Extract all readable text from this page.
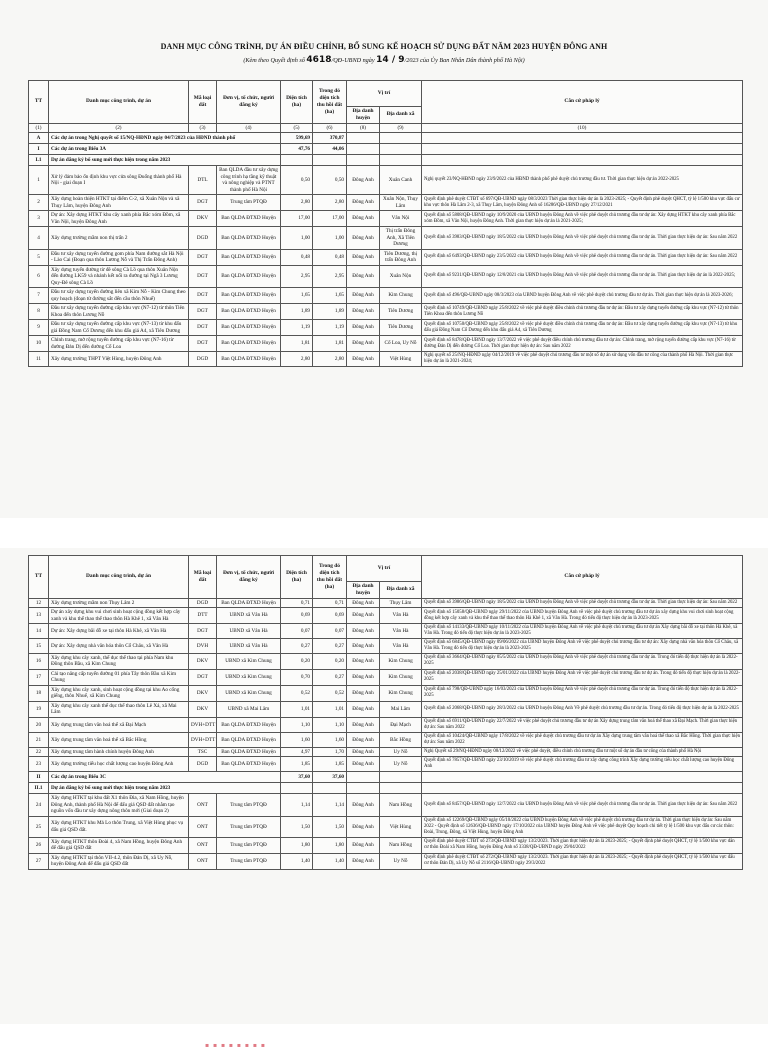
DANH MỤC CÔNG TRÌNH, DỰ ÁN ĐIỀU CHỈNH, BỔ SUNG KẾ HOẠCH SỬ DỤNG ĐẤT NĂM 2023 HUYỆN ĐÔNG ANH
(Kèm theo Quyết định số 4618/QĐ-UBND ngày 14 / 9/2023 của Ủy Ban Nhân Dân thành phố Hà Nội)
TT	Danh mục công trình, dự án	Mã loại đất	Đơn vị, tổ chức, người đăng ký	Diện tích (ha)	Trong đó diện tích thu hồi đất (ha)	Vị trí		Căn cứ pháp lý
						Địa danh huyện	Địa danh xã	
(1)	(2)	(3)	(4)	(5)	(6)	(8)	(9)	(10)
A	Các dự án trong Nghị quyết số 15/NQ-HĐND ngày 04/7/2023 của HĐND thành phố			599,69	370,87			
I	Các dự án trong Biểu 3A			47,76	44,06			
I.1	Dự án đăng ký bổ sung mới thực hiện trong năm 2023							
1	Xử lý đảm bảo ổn định khu vực cửa sông Đuống thành phố Hà Nội - giai đoạn I	DTL	Ban QLDA đầu tư xây dựng công trình hạ tầng kỹ thuật và nông nghiệp và PTNT thành phố Hà Nội	0,50	0,50	Đông Anh	Xuân Canh	Nghị quyết 23/NQ-HĐND ngày 23/9/2022 của HĐND thành phố phê duyệt chủ trương đầu tư. Thời gian thực hiện dự án 2022-2025
2	Xây dựng hoàn thiện HTKT tại điểm C-2, xã Xuân Nộn và xã Thụy Lâm, huyện Đông Anh	DGT	Trung tâm PTQĐ	2,80	2,80	Đông Anh	Xuân Nộn, Thụy Lâm	Quyết định phê duyệt CTĐT số 697/QĐ-UBND ngày 08/3/2023 Thời gian thực hiện dự án là 2023-2025; - Quyết định phê duyệt QHCT, tỷ lệ 1/500 khu vực đấu cư khu vực thôn Hà Lâm 2-3, xã Thụy Lâm, huyện Đông Anh số 16286/QĐ-UBND ngày 27/12/2021
3	Dự án: Xây dựng HTKT khu cây xanh phía Bắc xóm Đồm, xã Vân Nội, huyện Đông Anh	DKV	Ban QLDA ĐTXD Huyện	17,00	17,00	Đông Anh	Vân Nội	Quyết định số 5808/QĐ-UBND ngày 10/9/2020 của UBND huyện Đông Anh về việc phê duyệt chủ trương đầu tư dự án: Xây dựng HTKT khu cây xanh phía Bắc xóm Đồm, xã Vân Nội, huyện Đông Anh. Thời gian thực hiện dự án là 2021-2025;
4	Xây dựng trường mầm non thị trấn 2	DGD	Ban QLDA ĐTXD Huyện	1,00	1,00	Đông Anh	Thị trấn Đông Anh, Xã Tiên Dương	Quyết định số 3983/QĐ-UBND ngày 18/5/2022 của UBND huyện Đông Anh về việc phê duyệt chủ trương đầu tư dự án. Thời gian thực hiện dự án: Sau năm 2022
5	Đầu tư xây dựng tuyến đường gom phía Nam đường sắt Hà Nội - Lào Cai (Đoạn qua thôn Lương Nỗ và Thị Trấn Đông Anh)	DGT	Ban QLDA ĐTXD Huyện	0,48	0,48	Đông Anh	Tiên Dương, thị trấn Đông Anh	Quyết định số 6493/QĐ-UBND ngày 23/5/2022 của UBND huyện Đông Anh về việc phê duyệt chủ trương đầu tư dự án. Thời gian thực hiện dự án: Sau năm 2022
6	Xây dựng tuyến đường từ đê sông Cà Lồ qua thôn Xuân Nộn đến đường LK59 và nhánh kết nối ra đường tại Ngã 3 Lương Quy-Đê sông Cà Lồ	DGT	Ban QLDA ĐTXD Huyện	2,95	2,95	Đông Anh	Xuân Nộn	Quyết định số 9231/QĐ-UBND ngày 12/8/2021 của UBND huyện Đông Anh về việc phê duyệt chủ trương đầu tư dự án. Thời gian thực hiện dự án là 2022-2025;
7	Đầu tư xây dựng tuyến đường liên xã Kim Nỗ - Kim Chung theo quy hoạch (đoạn từ đường sắt đến cầu thôn Nhuế)	DGT	Ban QLDA ĐTXD Huyện	1,65	1,65	Đông Anh	Kim Chung	Quyết định số 496/QĐ-UBND ngày 08/3/2023 của UBND huyện Đông Anh về việc phê duyệt chủ trương đầu tư dự án. Thời gian thực hiện dự án là 2023-2026;
8	Đầu tư xây dựng tuyến đường cấp khu vực (N7-12) từ thôn Tiên Khoa đến thôn Lương Nỗ	DGT	Ban QLDA ĐTXD Huyện	1,89	1,89	Đông Anh	Tiên Dương	Quyết định số 10749/QĐ-UBND ngày 25/8/2022 về việc phê duyệt điều chỉnh chủ trương đầu tư dự án: Đầu tư xây dựng tuyến đường cấp khu vực (N7-12) từ thôn Tiên Khoa đến thôn Lương Nỗ
9	Đầu tư xây dựng tuyến đường cấp khu vực (N7-13) từ khu đấu giá Đồng Nam Cổ Dương đến khu đấu giá A4, xã Tiên Dương	DGT	Ban QLDA ĐTXD Huyện	1,19	1,19	Đông Anh	Tiên Dương	Quyết định số 10750/QĐ-UBND ngày 25/8/2022 về việc phê duyệt điều chỉnh chủ trương đầu tư dự án: Đầu tư xây dựng tuyến đường cấp khu vực (N7-13) từ khu đấu giá Đồng Nam Cổ Dương đến khu đấu giá A4, xã Tiên Dương
10	Chỉnh trang, mở rộng tuyến đường cấp khu vực (N7-16) từ đường Đản Dị đến đường Cổ Loa	DGT	Ban QLDA ĐTXD Huyện	1,81	1,81	Đông Anh	Cổ Loa, Uy Nỗ	Quyết định số 8478/QĐ-UBND ngày 13/7/2022 về việc phê duyệt điều chỉnh chủ trương đầu tư dự án: Chỉnh trang, mở rộng tuyến đường cấp khu vực (N7-16) từ đường Đản Dị đến đường Cổ Loa. Thời gian thực hiện dự án: Sau năm 2022
11	Xây dựng trường THPT Việt Hùng, huyện Đông Anh	DGD	Ban QLDA ĐTXD Huyện	2,80	2,80	Đông Anh	Việt Hùng	Nghị quyết số 25/NQ-HĐND ngày 04/12/2019 về việc phê duyệt chủ trương đầu tư một số dự án sử dụng vốn đầu tư công của thành phố Hà Nội. Thời gian thực hiện dự án là 2021-2024;
▪ ▪ ▪ ▪ ▪ ▪ ▪ ▪
TT	Danh mục công trình, dự án	Mã loại đất	Đơn vị, tổ chức, người đăng ký	Diện tích (ha)	Trong đó diện tích thu hồi đất (ha)	Vị trí		Căn cứ pháp lý
						Địa danh huyện	Địa danh xã	
12	Xây dựng trường mầm non Thụy Lâm 2	DGD	Ban QLDA ĐTXD Huyện	0,71	0,71	Đông Anh	Thụy Lâm	Quyết định số 3986/QĐ-UBND ngày 18/5/2022 của UBND huyện Đông Anh về việc phê duyệt chủ trương đầu tư dự án. Thời gian thực hiện dự án: Sau năm 2022
13	Dự án xây dựng khu vui chơi sinh hoạt cộng đồng kết hợp cây xanh và khu thể thao thể thao thôn Hà Khê 1, xã Vân Hà	DTT	UBND xã Vân Hà	0,69	0,69	Đông Anh	Vân Hà	Quyết định số 15058/QĐ-UBND ngày 29/11/2022 của UBND huyện Đông Anh về việc phê duyệt chủ trương đầu tư dự án xây dựng khu vui chơi sinh hoạt cộng đồng kết hợp cây xanh và khu thể thao thể thao thôn Hà Khê 1, xã Vân Hà. Trong đó tiến độ thực hiện dự án là 2023-2025
14	Dự án: Xây dựng bãi đỗ xe tại thôn Hà Khê, xã Vân Hà	DGT	UBND xã Vân Hà	0,07	0,07	Đông Anh	Vân Hà	Quyết định số 14133/QĐ-UBND ngày 10/11/2022 của UBND huyện Đông Anh về việc phê duyệt chủ trương đầu tư dự án Xây dựng bãi đỗ xe tại thôn Hà Khê, xã Vân Hà. Trong đó tiến độ thực hiện dự án là 2023-2025
15	Dự án: Xây dựng nhà văn hóa thôn Cổ Châu, xã Vân Hà	DVH	UBND xã Vân Hà	0,27	0,27	Đông Anh	Vân Hà	Quyết định số 6845/QĐ-UBND ngày 09/06/2022 của UBND huyện Đông Anh về việc phê duyệt chủ trương đầu tư dự án: Xây dựng nhà văn hóa thôn Cổ Châu, xã Vân Hà. Trong đó tiến độ thực hiện dự án là 2023-2025
16	Xây dựng khu cây xanh, thể dục thể thao tại phía Nam khu Đồng thôn Bầu, xã Kim Chung	DKV	UBND xã Kim Chung	0,20	0,20	Đông Anh	Kim Chung	Quyết định số 3664/QĐ-UBND ngày 05/5/2022 của UBND huyện Đông Anh về việc phê duyệt chủ trương đầu tư dự án. Trong đó tiến độ thực hiện dự án là 2022-2025
17	Cải tạo nâng cấp tuyến đường 01 phía Tây thôn Bầu xã Kim Chung	DGT	UBND xã Kim Chung	0,70	0,27	Đông Anh	Kim Chung	Quyết định số 2038/QĐ-UBND ngày 25/01/2022 của UBND huyện Đông Anh về việc phê duyệt chủ trương đầu tư dự án. Trong đó tiến độ thực hiện dự án là 2022-2025
18	Xây dựng khu cây xanh, sinh hoạt cộng đồng tại khu Ao cống giếng, thôn Nhuế, xã Kim Chung	DKV	UBND xã Kim Chung	0,52	0,52	Đông Anh	Kim Chung	Quyết định số 798/QĐ-UBND ngày 16/03/2023 của UBND huyện Đông Anh về việc phê duyệt chủ trương đầu tư dự án. Trong đó tiến độ thực hiện dự án là 2022-2025
19	Xây dựng khu cây xanh thể dục thể thao thôn Lê Xá, xã Mai Lâm	DKV	UBND xã Mai Lâm	1,01	1,01	Đông Anh	Mai Lâm	Quyết định số 2068/QĐ-UBND ngày 28/3/2022 của UBND huyện Đông Anh Về phê duyệt chủ trương đầu tư dự án. Trong đó tiến độ thực hiện dự án là 2022-2025
20	Xây dựng trung tâm văn hoá thể xã Đại Mạch	DVH+DTT	Ban QLDA ĐTXD Huyện	1,10	1,10	Đông Anh	Đại Mạch	Quyết định số 6911/QĐ-UBND ngày 22/7/2022 về việc phê duyệt chủ trương đầu tư dự án Xây dựng trung tâm văn hoá thể thao xã Đại Mạch. Thời gian thực hiện dự án: Sau năm 2022
21	Xây dựng trung tâm văn hoá thể xã Bắc Hồng	DVH+DTT	Ban QLDA ĐTXD Huyện	1,60	1,60	Đông Anh	Bắc Hồng	Quyết định số 10424/QĐ-UBND ngày 17/8/2022 về việc phê duyệt chủ trương đầu tư dự án Xây dựng trung tâm văn hoá thể thao xã Bắc Hồng. Thời gian thực hiện dự án: Sau năm 2022
22	Xây dựng trung tâm hành chính huyện Đông Anh	TSC	Ban QLDA ĐTXD Huyện	4,97	1,70	Đông Anh	Uy Nỗ	Nghị Quyết số 29/NQ-HĐND ngày 08/12/2022 về việc phê duyệt, điều chỉnh chủ trương đầu tư một số dự án đầu tư công của thành phố Hà Nội
23	Xây dựng trường tiểu học chất lượng cao huyện Đông Anh	DGD	Ban QLDA ĐTXD Huyện	1,85	1,85	Đông Anh	Uy Nỗ	Quyết định số 7857/QĐ-UBND ngày 23/10/2019 về việc phê duyệt chủ trương đầu tư xây dựng công trình Xây dựng trường tiểu học chất lượng cao huyện Đông Anh
II	Các dự án trong Biểu 3C			37,60	37,60			
II.1	Dự án đăng ký bổ sung mới thực hiện trong năm 2023							
24	Xây dựng HTKT tại khu đất X1 thôn Đìa, xã Nam Hồng, huyện Đông Anh, thành phố Hà Nội để đấu giá QSD đất nhằm tạo nguồn vốn đầu tư xây dựng nông thôn mới (Giai đoạn 2)	ONT	Trung tâm PTQĐ	1,14	1,14	Đông Anh	Nam Hồng	Quyết định số 8457/QĐ-UBND ngày 12/7/2022 của UBND huyện Đông Anh về việc phê duyệt chủ trương đầu tư dự án. Thời gian thực hiện dự án: Sau năm 2022
25	Xây dựng HTKT khu Mả Lo thôn Trung, xã Việt Hùng phục vụ đấu giá QSD đất.	ONT	Trung tâm PTQĐ	1,50	1,50	Đông Anh	Việt Hùng	Quyết định số 12269/QĐ-UBND ngày 05/10/2022 của UBND huyện Đông Anh về việc phê duyệt chủ trương đầu tư dự án. Thời gian thực hiện dự án: Sau năm 2022 - Quyết định số 12636/QĐ-UBND ngày 17/10/2022 của UBND huyện Đông Anh về việc phê duyệt Quy hoạch chi tiết tỷ lệ 1/500 khu vực đấu cư các thôn: Đoài, Trung, Đông, xã Việt Hùng, huyện Đông Anh
26	Xây dựng HTKT thôn Đoài 4, xã Nam Hồng, huyện Đông Anh để đấu giá QSD đất	ONT	Trung tâm PTQĐ	1,80	1,80	Đông Anh	Nam Hồng	Quyết định phê duyệt CTĐT số 273/QĐ-UBND ngày 13/2/2023. Thời gian thực hiện dự án là 2023-2025; - Quyết định phê duyệt QHCT, tỷ lệ 1/500 khu vực dân cư thôn Đoài xã Nam Hồng, huyện Đông Anh số 3338/QĐ-UBND ngày 29/04/2022
27	Xây dựng HTKT tại thôn VII-4.2, thôn Đản Dị, xã Uy Nỗ, huyện Đông Anh để đấu giá QSD đất	ONT	Trung tâm PTQĐ	1,40	1,40	Đông Anh	Uy Nỗ	Quyết định phê duyệt CTĐT số 272/QĐ-UBND ngày 13/2/2023. Thời gian thực hiện dự án là 2023-2025; - Quyết định phê duyệt QHCT, tỷ lệ 1/500 khu vực đấu cư thôn Đản Dị, xã Uy Nỗ số 2116/QĐ-UBND ngày 29/3/2022
